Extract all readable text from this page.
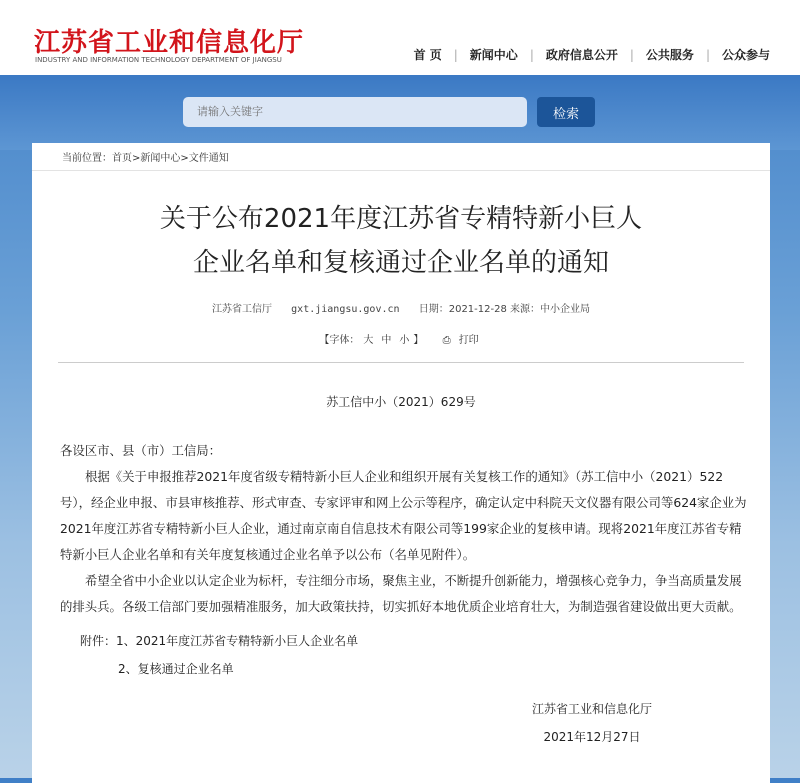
江苏省工业和信息化厅
INDUSTRY AND INFORMATION TECHNOLOGY DEPARTMENT OF JIANGSU	首 页 | 新闻中心 | 政府信息公开 | 公共服务 | 公众参与
请输入关键字
检索
当前位置：首页>新闻中心>文件通知
关于公布2021年度江苏省专精特新小巨人
企业名单和复核通过企业名单的通知
江苏省工信厅 gxt.jiangsu.gov.cn 日期：2021-12-28 来源：中小企业局
【字体： 大 中 小 】 ⎙ 打印
苏工信中小（2021）629号

各设区市、县（市）工信局：

根据《关于申报推荐2021年度省级专精特新小巨人企业和组织开展有关复核工作的通知》（苏工信中小（2021）522号），经企业申报、市县审核推荐、形式审查、专家评审和网上公示等程序，确定认定中科院天文仪器有限公司等624家企业为2021年度江苏省专精特新小巨人企业，通过南京南自信息技术有限公司等199家企业的复核申请。现将2021年度江苏省专精特新小巨人企业名单和有关年度复核通过企业名单予以公布（名单见附件）。

希望全省中小企业以认定企业为标杆，专注细分市场，聚焦主业，不断提升创新能力，增强核心竞争力，争当高质量发展的排头兵。各级工信部门要加强精准服务，加大政策扶持，切实抓好本地优质企业培育壮大，为制造强省建设做出更大贡献。

附件：1、2021年度江苏省专精特新小巨人企业名单
2、复核通过企业名单
江苏省工业和信息化厅
2021年12月27日
